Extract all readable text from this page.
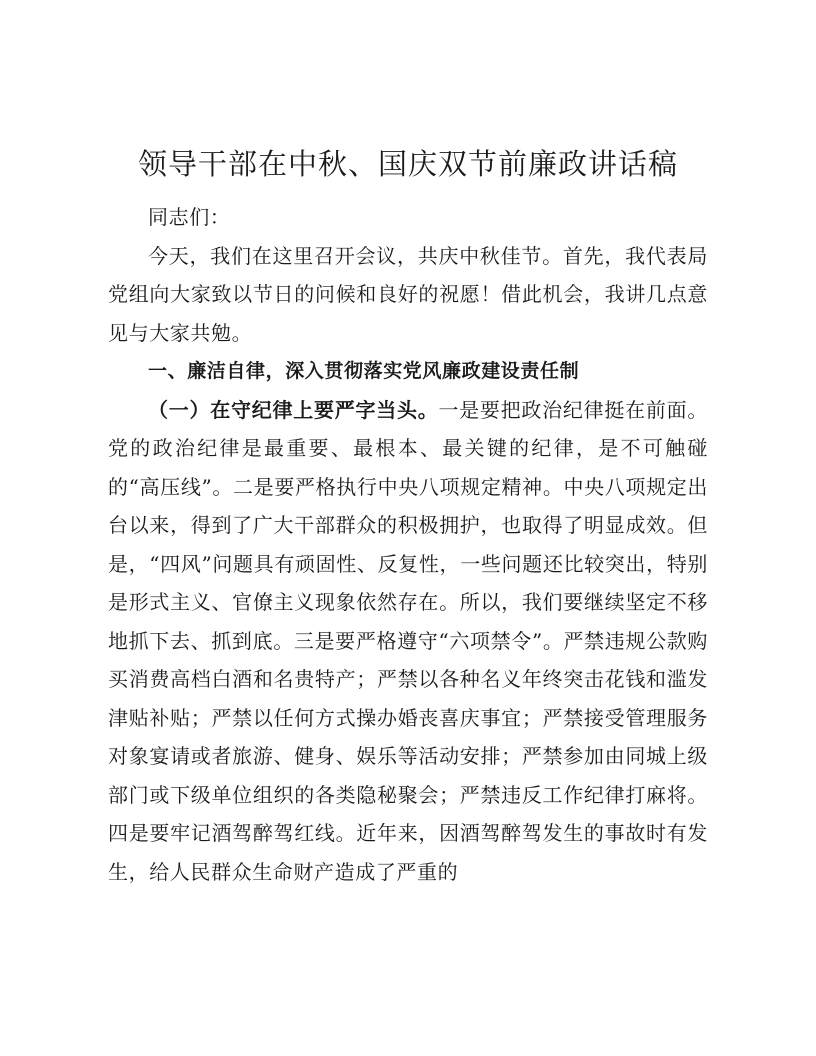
领导干部在中秋、国庆双节前廉政讲话稿

同志们：

今天，我们在这里召开会议，共庆中秋佳节。首先，我代表局党组向大家致以节日的问候和良好的祝愿！借此机会，我讲几点意见与大家共勉。

一、廉洁自律，深入贯彻落实党风廉政建设责任制

（一）在守纪律上要严字当头。一是要把政治纪律挺在前面。党的政治纪律是最重要、最根本、最关键的纪律，是不可触碰的“高压线”。二是要严格执行中央八项规定精神。中央八项规定出台以来，得到了广大干部群众的积极拥护，也取得了明显成效。但是，“四风”问题具有顽固性、反复性，一些问题还比较突出，特别是形式主义、官僚主义现象依然存在。所以，我们要继续坚定不移地抓下去、抓到底。三是要严格遵守“六项禁令”。严禁违规公款购买消费高档白酒和名贵特产；严禁以各种名义年终突击花钱和滥发津贴补贴；严禁以任何方式操办婚丧喜庆事宜；严禁接受管理服务对象宴请或者旅游、健身、娱乐等活动安排；严禁参加由同城上级部门或下级单位组织的各类隐秘聚会；严禁违反工作纪律打麻将。四是要牢记酒驾醉驾红线。近年来，因酒驾醉驾发生的事故时有发生，给人民群众生命财产造成了严重的
